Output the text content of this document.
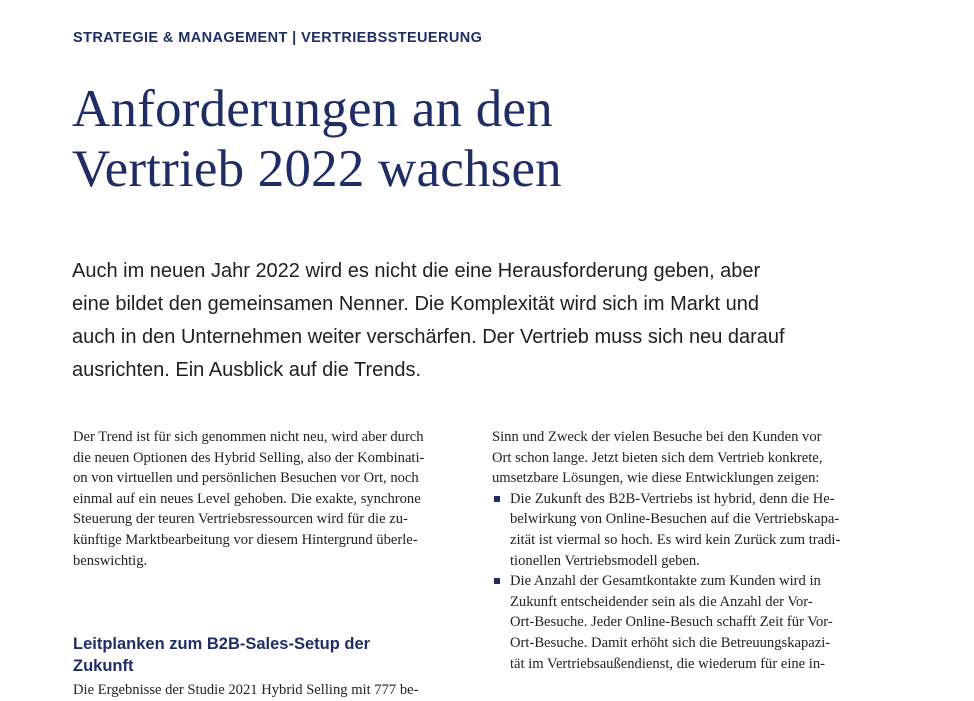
STRATEGIE & MANAGEMENT | VERTRIEBSSTEUERUNG
Anforderungen an den
Vertrieb 2022 wachsen
Auch im neuen Jahr 2022 wird es nicht die eine Herausforderung geben, aber
eine bildet den gemeinsamen Nenner. Die Komplexität wird sich im Markt und
auch in den Unternehmen weiter verschärfen. Der Vertrieb muss sich neu darauf
ausrichten. Ein Ausblick auf die Trends.
Der Trend ist für sich genommen nicht neu, wird aber durch
die neuen Optionen des Hybrid Selling, also der Kombinati-
on von virtuellen und persönlichen Besuchen vor Ort, noch
einmal auf ein neues Level gehoben. Die exakte, synchrone
Steuerung der teuren Vertriebsressourcen wird für die zu-
künftige Marktbearbeitung vor diesem Hintergrund überle-
benswichtig.
Leitplanken zum B2B-Sales-Setup der
Zukunft
Die Ergebnisse der Studie 2021 Hybrid Selling mit 777 be-
Sinn und Zweck der vielen Besuche bei den Kunden vor
Ort schon lange. Jetzt bieten sich dem Vertrieb konkrete,
umsetzbare Lösungen, wie diese Entwicklungen zeigen:
Die Zukunft des B2B-Vertriebs ist hybrid, denn die He-
belwirkung von Online-Besuchen auf die Vertriebskapa-
zität ist viermal so hoch. Es wird kein Zurück zum tradi-
tionellen Vertriebsmodell geben.
Die Anzahl der Gesamtkontakte zum Kunden wird in
Zukunft entscheidender sein als die Anzahl der Vor-
Ort-Besuche. Jeder Online-Besuch schafft Zeit für Vor-
Ort-Besuche. Damit erhöht sich die Betreuungskapazi-
tät im Vertriebsaußendienst, die wiederum für eine in-
